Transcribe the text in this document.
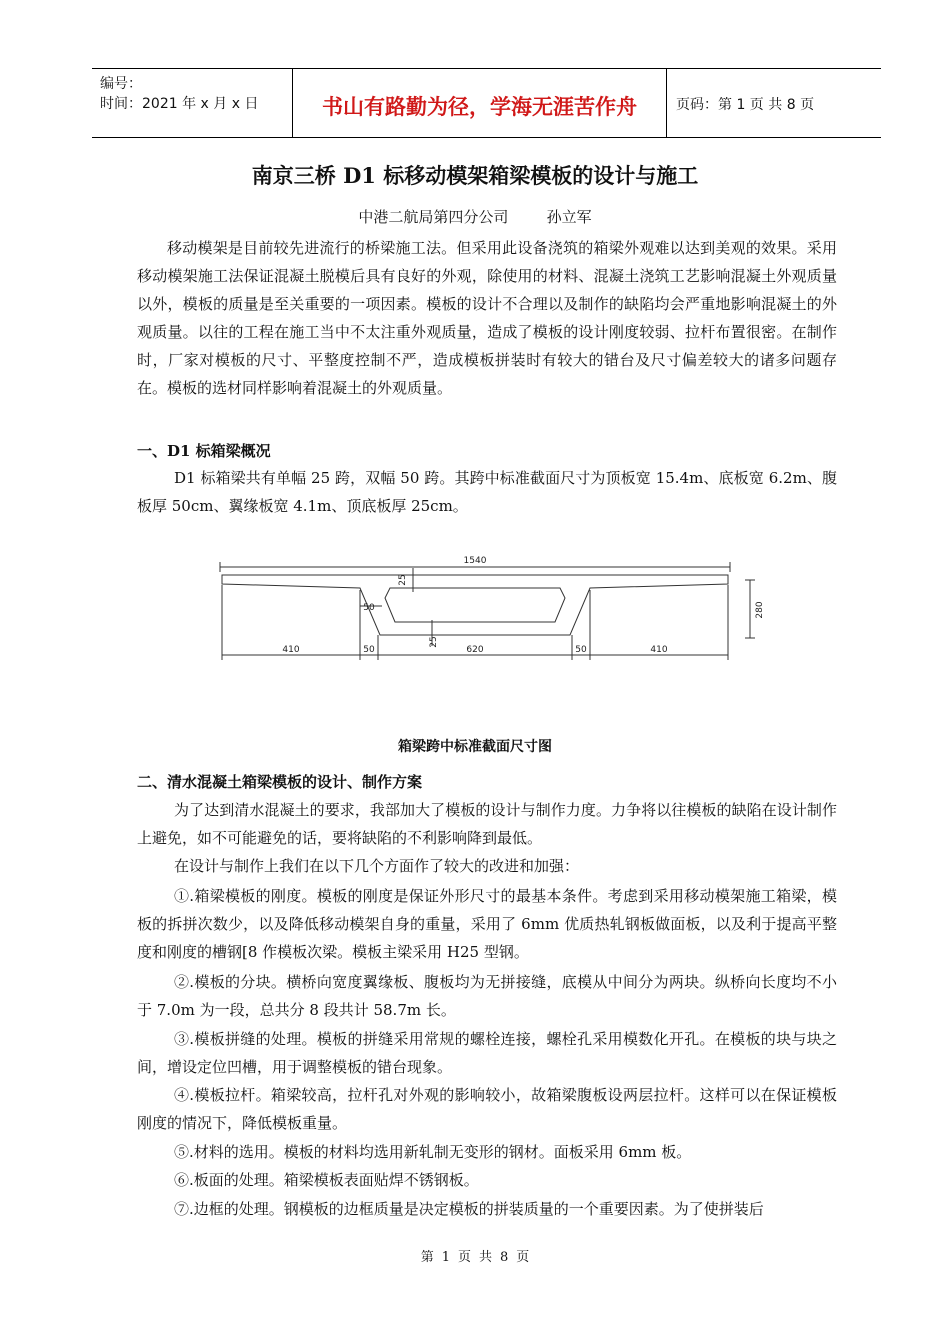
编号：
时间：2021 年 x 月 x 日	书山有路勤为径，学海无涯苦作舟	页码：第 1 页 共 8 页
南京三桥 D1 标移动模架箱梁模板的设计与施工
中港二航局第四分公司        孙立军
移动模架是目前较先进流行的桥梁施工法。但采用此设备浇筑的箱梁外观难以达到美观的效果。采用移动模架施工法保证混凝土脱模后具有良好的外观，除使用的材料、混凝土浇筑工艺影响混凝土外观质量以外，模板的质量是至关重要的一项因素。模板的设计不合理以及制作的缺陷均会严重地影响混凝土的外观质量。以往的工程在施工当中不太注重外观质量，造成了模板的设计刚度较弱、拉杆布置很密。在制作时，厂家对模板的尺寸、平整度控制不严，造成模板拼装时有较大的错台及尺寸偏差较大的诸多问题存在。模板的选材同样影响着混凝土的外观质量。
一、D1 标箱梁概况
D1 标箱梁共有单幅 25 跨，双幅 50 跨。其跨中标准截面尺寸为顶板宽 15.4m、底板宽 6.2m、腹板厚 50cm、翼缘板宽 4.1m、顶底板厚 25cm。
1540
25
50	280
25
410	50	620	50	410
箱梁跨中标准截面尺寸图
二、清水混凝土箱梁模板的设计、制作方案
为了达到清水混凝土的要求，我部加大了模板的设计与制作力度。力争将以往模板的缺陷在设计制作上避免，如不可能避免的话，要将缺陷的不利影响降到最低。
在设计与制作上我们在以下几个方面作了较大的改进和加强：
①.箱梁模板的刚度。模板的刚度是保证外形尺寸的最基本条件。考虑到采用移动模架施工箱梁，模板的拆拼次数少，以及降低移动模架自身的重量，采用了 6mm 优质热轧钢板做面板，以及利于提高平整度和刚度的槽钢[8 作模板次梁。模板主梁采用 H25 型钢。
②.模板的分块。横桥向宽度翼缘板、腹板均为无拼接缝，底模从中间分为两块。纵桥向长度均不小于 7.0m 为一段，总共分 8 段共计 58.7m 长。
③.模板拼缝的处理。模板的拼缝采用常规的螺栓连接，螺栓孔采用模数化开孔。在模板的块与块之间，增设定位凹槽，用于调整模板的错台现象。
④.模板拉杆。箱梁较高，拉杆孔对外观的影响较小，故箱梁腹板设两层拉杆。这样可以在保证模板刚度的情况下，降低模板重量。
⑤.材料的选用。模板的材料均选用新轧制无变形的钢材。面板采用 6mm 板。
⑥.板面的处理。箱梁模板表面贴焊不锈钢板。
⑦.边框的处理。钢模板的边框质量是决定模板的拼装质量的一个重要因素。为了使拼装后
第 1 页 共 8 页
